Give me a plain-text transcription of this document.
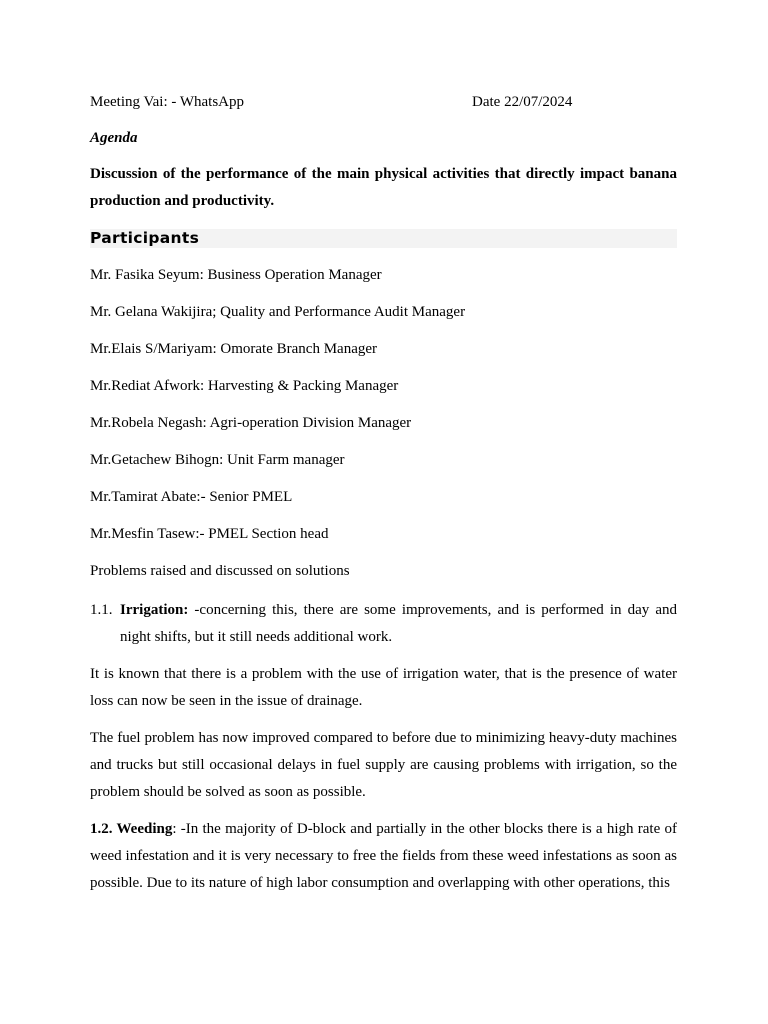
Meeting Vai: - WhatsApp	Date 22/07/2024

Agenda

Discussion of the performance of the main physical activities that directly impact banana production and productivity.

Participants

Mr. Fasika Seyum: Business Operation Manager

Mr. Gelana Wakijira; Quality and Performance Audit Manager

Mr.Elais S/Mariyam: Omorate Branch Manager

Mr.Rediat Afwork: Harvesting & Packing Manager

Mr.Robela Negash: Agri-operation Division Manager

Mr.Getachew Bihogn: Unit Farm manager

Mr.Tamirat Abate:- Senior PMEL

Mr.Mesfin Tasew:- PMEL Section head

Problems raised and discussed on solutions

1.1. Irrigation: -concerning this, there are some improvements, and is performed in day and night shifts, but it still needs additional work.

It is known that there is a problem with the use of irrigation water, that is the presence of water loss can now be seen in the issue of drainage.

The fuel problem has now improved compared to before due to minimizing heavy-duty machines and trucks but still occasional delays in fuel supply are causing problems with irrigation, so the problem should be solved as soon as possible.

1.2. Weeding: -In the majority of D-block and partially in the other blocks there is a high rate of weed infestation and it is very necessary to free the fields from these weed infestations as soon as possible. Due to its nature of high labor consumption and overlapping with other operations, this
